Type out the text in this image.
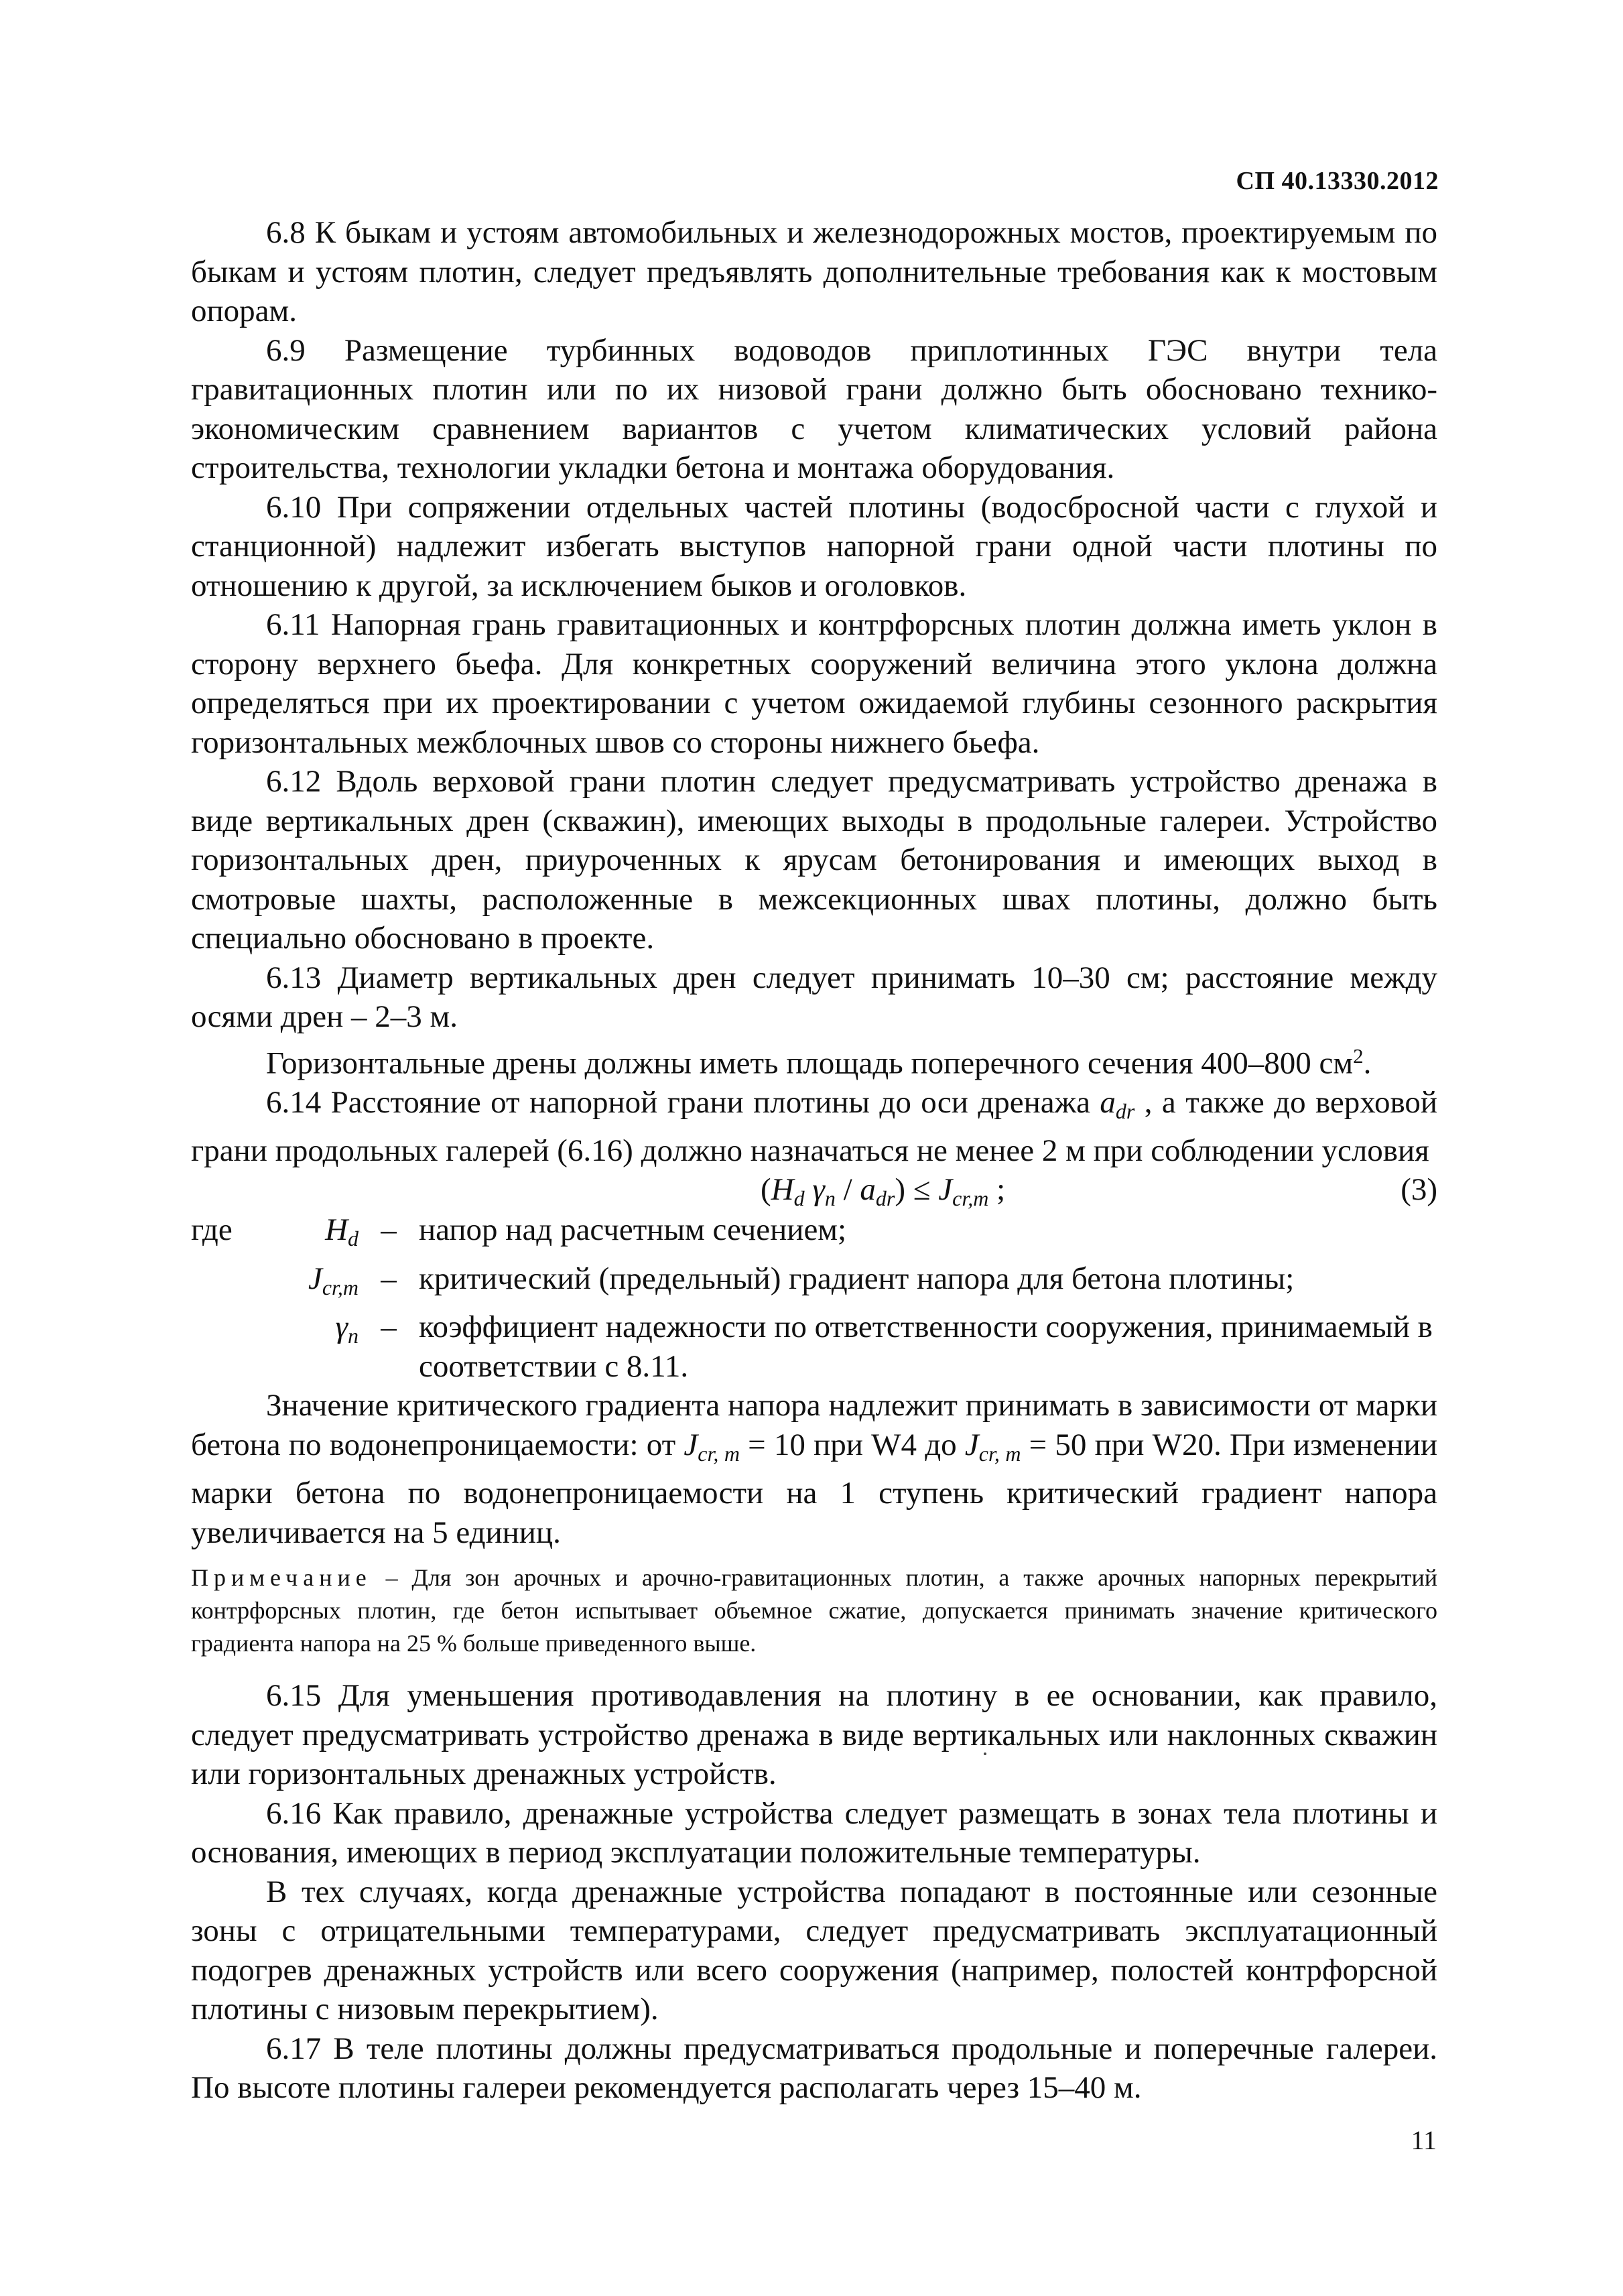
СП 40.13330.2012

6.8 К быкам и устоям автомобильных и железнодорожных мостов, проектируемым по быкам и устоям плотин, следует предъявлять дополнительные требования как к мостовым опорам.

6.9 Размещение турбинных водоводов приплотинных ГЭС внутри тела гравитационных плотин или по их низовой грани должно быть обосновано технико-экономическим сравнением вариантов с учетом климатических условий района строительства, технологии укладки бетона и монтажа оборудования.

6.10 При сопряжении отдельных частей плотины (водосбросной части с глухой и станционной) надлежит избегать выступов напорной грани одной части плотины по отношению к другой, за исключением быков и оголовков.

6.11 Напорная грань гравитационных и контрфорсных плотин должна иметь уклон в сторону верхнего бьефа. Для конкретных сооружений величина этого уклона должна определяться при их проектировании с учетом ожидаемой глубины сезонного раскрытия горизонтальных межблочных швов со стороны нижнего бьефа.

6.12 Вдоль верховой грани плотин следует предусматривать устройство дренажа в виде вертикальных дрен (скважин), имеющих выходы в продольные галереи. Устройство горизонтальных дрен, приуроченных к ярусам бетонирования и имеющих выход в смотровые шахты, расположенные в межсекционных швах плотины, должно быть специально обосновано в проекте.

6.13 Диаметр вертикальных дрен следует принимать 10–30 см; расстояние между осями дрен – 2–3 м.

Горизонтальные дрены должны иметь площадь поперечного сечения 400–800 $см^2$.

6.14 Расстояние от напорной грани плотины до оси дренажа $a_{dr}$ , а также до верховой грани продольных галерей (6.16) должно назначаться не менее 2 м при соблюдении условия

($H_d$ $\gamma_n / a_{dr}) \le J_{cr,m}$ ;	(3)
где	$H_d$ – напор над расчетным сечением;
$J_{cr,m}$ – критический (предельный) градиент напора для бетона плотины;
$\gamma_n$ – коэффициент надежности по ответственности сооружения, принимаемый в соответствии с 8.11.

Значение критического градиента напора надлежит принимать в зависимости от марки бетона по водонепроницаемости: от $J_{cr, m} = 10$ при W4 до $J_{cr, m} = 50$ при W20. При изменении марки бетона по водонепроницаемости на 1 ступень критический градиент напора увеличивается на 5 единиц.

Примечание – Для зон арочных и арочно-гравитационных плотин, а также арочных напорных перекрытий контрфорсных плотин, где бетон испытывает объемное сжатие, допускается принимать значение критического градиента напора на 25 % больше приведенного выше.

6.15 Для уменьшения противодавления на плотину в ее основании, как правило, следует предусматривать устройство дренажа в виде вертикальных или наклонных скважин или горизонтальных дренажных устройств.

6.16 Как правило, дренажные устройства следует размещать в зонах тела плотины и основания, имеющих в период эксплуатации положительные температуры.

В тех случаях, когда дренажные устройства попадают в постоянные или сезонные зоны с отрицательными температурами, следует предусматривать эксплуатационный подогрев дренажных устройств или всего сооружения (например, полостей контрфорсной плотины с низовым перекрытием).

6.17 В теле плотины должны предусматриваться продольные и поперечные галереи. По высоте плотины галереи рекомендуется располагать через 15–40 м.

11
